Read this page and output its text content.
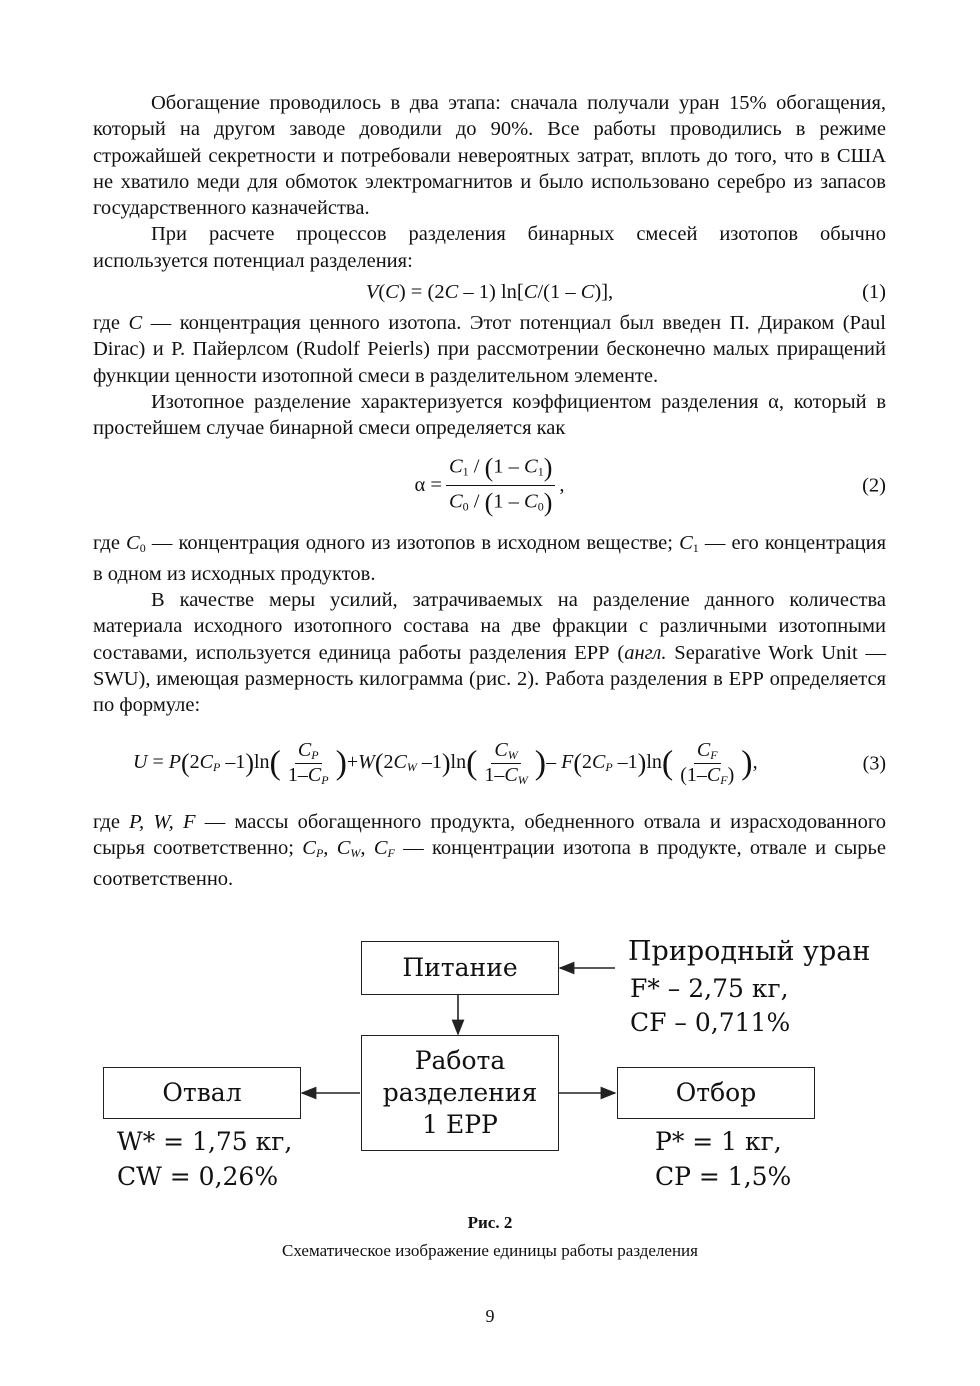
Обогащение проводилось в два этапа: сначала получали уран 15% обогащения, который на другом заводе доводили до 90%. Все работы проводились в режиме строжайшей секретности и потребовали невероятных затрат, вплоть до того, что в США не хватило меди для обмоток электромагнитов и было использовано серебро из запасов государственного казначейства.

При расчете процессов разделения бинарных смесей изотопов обычно используется потенциал разделения:

V(C) = (2C – 1) ln[C/(1 – C)],	(1)

где C — концентрация ценного изотопа. Этот потенциал был введен П. Дираком (Paul Dirac) и Р. Пайерлсом (Rudolf Peierls) при рассмотрении бесконечно малых приращений функции ценности изотопной смеси в разделительном элементе.

Изотопное разделение характеризуется коэффициентом разделения α, который в простейшем случае бинарной смеси определяется как

$\alpha = \frac{C_1 / (1 - C_1)}{C_0 / (1 - C_0)}$ ,	(2)

где $C_0$ — концентрация одного из изотопов в исходном веществе; $C_1$ — его концентрация в одном из исходных продуктов.

В качестве меры усилий, затрачиваемых на разделение данного количества материала исходного изотопного состава на две фракции с различными изотопными составами, используется единица работы разделения ЕРР (англ. Separative Work Unit — SWU), имеющая размерность килограмма (рис. 2). Работа разделения в ЕРР определяется по формуле:

$U = P(2C_P$ $-1)\ln( \frac{C_P}{1-C_P} )+W(2C_W$ $-1)\ln( \frac{C_W}{1-C_W}$ )– $F(2C_P$ $-1)\ln( \frac{C_F}{(1-C_F)}$ ),	(3)

где P, W, F — массы обогащенного продукта, обедненного отвала и израсходованного сырья соответственно; $C_P$, $C_W$, $C_F$ — концентрации изотопа в продукте, отвале и сырье соответственно.

Питание
Работа
разделения
1 ЕРР
Отвал	Отбор
Природный уран
F* – 2,75 кг,
CF – 0,711%
W* = 1,75 кг,
CW = 0,26%
P* = 1 кг,
CP = 1,5%
Рис. 2
Схематическое изображение единицы работы разделения
9
